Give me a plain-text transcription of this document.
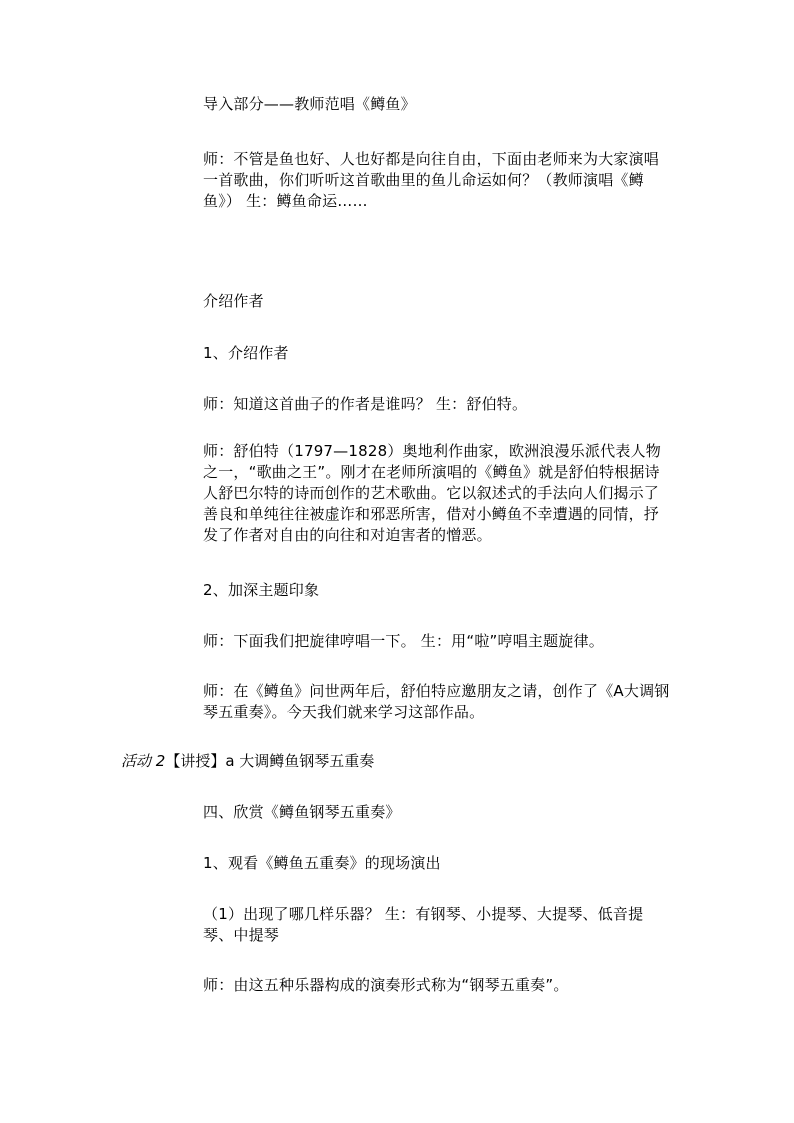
导入部分——教师范唱《鳟鱼》

师：不管是鱼也好、人也好都是向往自由，下面由老师来为大家演唱一首歌曲，你们听听这首歌曲里的鱼儿命运如何？（教师演唱《鳟鱼》） 生：鳟鱼命运……

介绍作者

1、介绍作者

师：知道这首曲子的作者是谁吗？ 生：舒伯特。

师：舒伯特（1797—1828）奥地利作曲家，欧洲浪漫乐派代表人物之一，“歌曲之王”。刚才在老师所演唱的《鳟鱼》就是舒伯特根据诗人舒巴尔特的诗而创作的艺术歌曲。它以叙述式的手法向人们揭示了善良和单纯往往被虚诈和邪恶所害，借对小鳟鱼不幸遭遇的同情，抒发了作者对自由的向往和对迫害者的憎恶。

2、加深主题印象

师：下面我们把旋律哼唱一下。 生：用“啦”哼唱主题旋律。

师：在《鳟鱼》问世两年后，舒伯特应邀朋友之请，创作了《A大调钢琴五重奏》。今天我们就来学习这部作品。

活动 2【讲授】a 大调鳟鱼钢琴五重奏

四、欣赏《鳟鱼钢琴五重奏》

1、观看《鳟鱼五重奏》的现场演出

（1）出现了哪几样乐器？ 生：有钢琴、小提琴、大提琴、低音提琴、中提琴

师：由这五种乐器构成的演奏形式称为“钢琴五重奏”。
